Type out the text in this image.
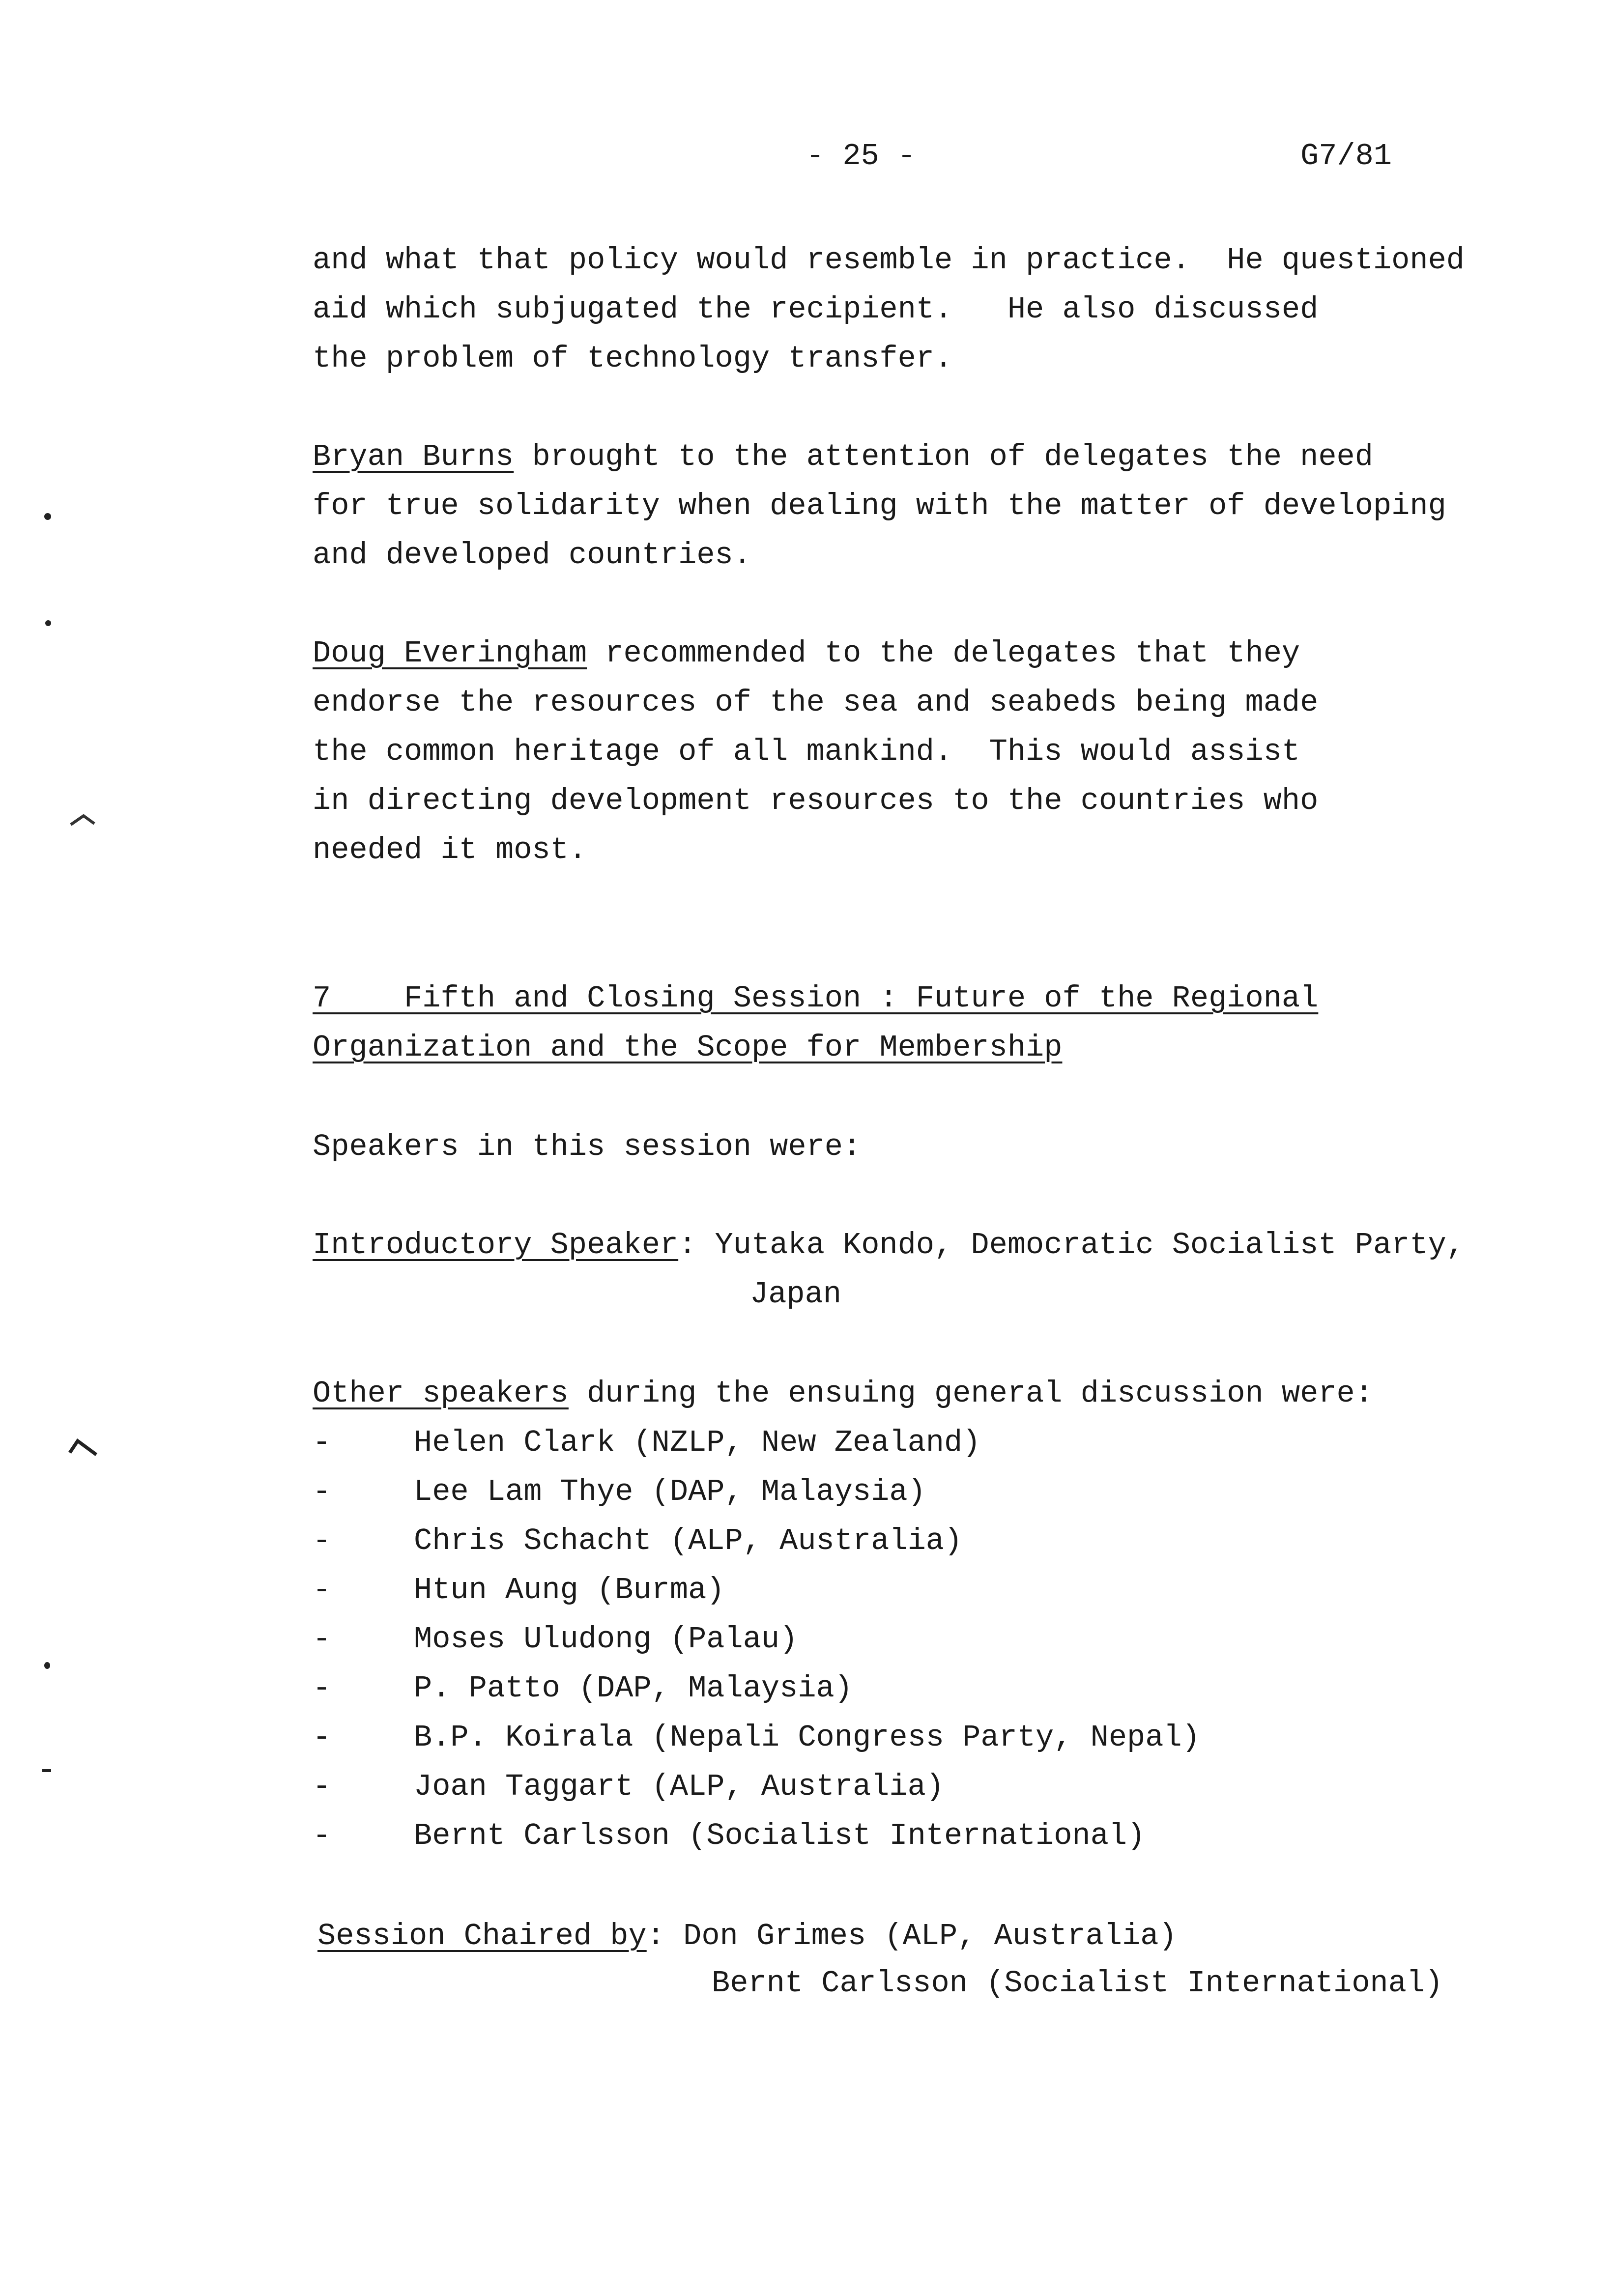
- 25 -	G7/81
and what that policy would resemble in practice.  He questioned
aid which subjugated the recipient.   He also discussed
the problem of technology transfer.
Bryan Burns brought to the attention of delegates the need
for true solidarity when dealing with the matter of developing
and developed countries.
Doug Everingham recommended to the delegates that they
endorse the resources of the sea and seabeds being made
the common heritage of all mankind.  This would assist
in directing development resources to the countries who
needed it most.
7    Fifth and Closing Session : Future of the Regional
Organization and the Scope for Membership
Speakers in this session were:
Introductory Speaker: Yutaka Kondo, Democratic Socialist Party,
Japan
Other speakers during the ensuing general discussion were:
-	Helen Clark (NZLP, New Zealand)
-	Lee Lam Thye (DAP, Malaysia)
-	Chris Schacht (ALP, Australia)
-	Htun Aung (Burma)
-	Moses Uludong (Palau)
-	P. Patto (DAP, Malaysia)
-	B.P. Koirala (Nepali Congress Party, Nepal)
-	Joan Taggart (ALP, Australia)
-	Bernt Carlsson (Socialist International)
Session Chaired by: Don Grimes (ALP, Australia)
Bernt Carlsson (Socialist International)
